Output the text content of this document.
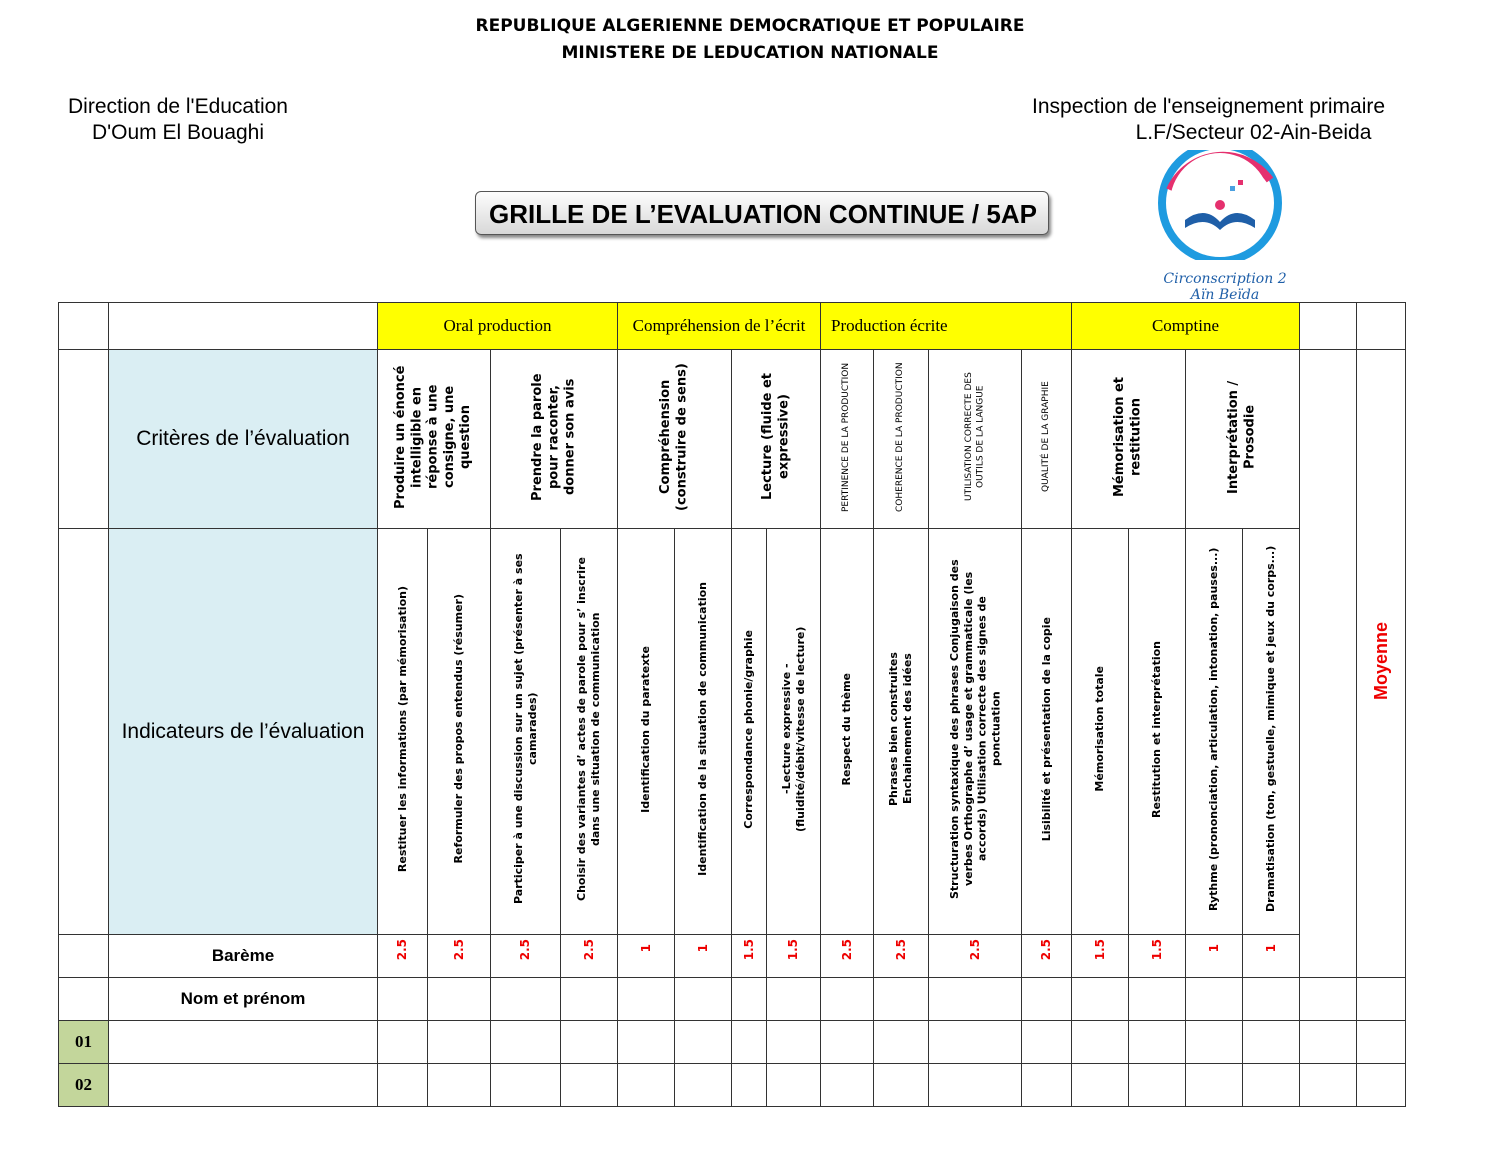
REPUBLIQUE ALGERIENNE DEMOCRATIQUE ET POPULAIRE
MINISTERE DE LEDUCATION NATIONALE
Direction de l'Education
D'Oum El Bouaghi
Inspection de l'enseignement primaire
L.F/Secteur 02-Ain-Beida
GRILLE DE L’EVALUATION CONTINUE / 5AP
Circonscription 2
Aïn Beïda
		Oral production				Compréhension de l’écrit				Production écrite				Comptine					
	Critères de l’évaluation	Produire un énoncé intelligible en réponse à une consigne, une question		Prendre la parole pour raconter, donner son avis		Compréhension (construire de sens)		Lecture (fluide et expressive)		PERTINENCE DE LA PRODUCTION	COHERENCE DE LA PRODUCTION	UTILISATION CORRECTE DES OUTILS DE LA LANGUE	QUALITÉ DE LA GRAPHIE	Mémorisation et restitution		Interprétation / Prosodie			Moyenne
	Indicateurs de l’évaluation	Restituer les informations (par mémorisation)	Reformuler des propos entendus (résumer)	Participer à une discussion sur un sujet (présenter à ses camarades)	Choisir des variantes d’ actes de parole pour s’ inscrire dans une situation de communication	Identification du paratexte	Identification de la situation de communication	Correspondance phonie/graphie	-Lecture expressive -(fluidité/débit/vitesse de lecture)	Respect du thème	Phrases bien construites Enchainement des idées	Structuration syntaxique des phrases Conjugaison des verbes Orthographe d’ usage et grammaticale (les accords) Utilisation correcte des signes de ponctuation	Lisibilité et présentation de la copie	Mémorisation totale	Restitution et interprétation	Rythme (prononciation, articulation, intonation, pauses...)	Dramatisation (ton, gestuelle, mimique et jeux du corps...)		
	Barème	2.5	2.5	2.5	2.5	1	1	1.5	1.5	2.5	2.5	2.5	2.5	1.5	1.5	1	1		
	Nom et prénom																		
01																			
02																			
